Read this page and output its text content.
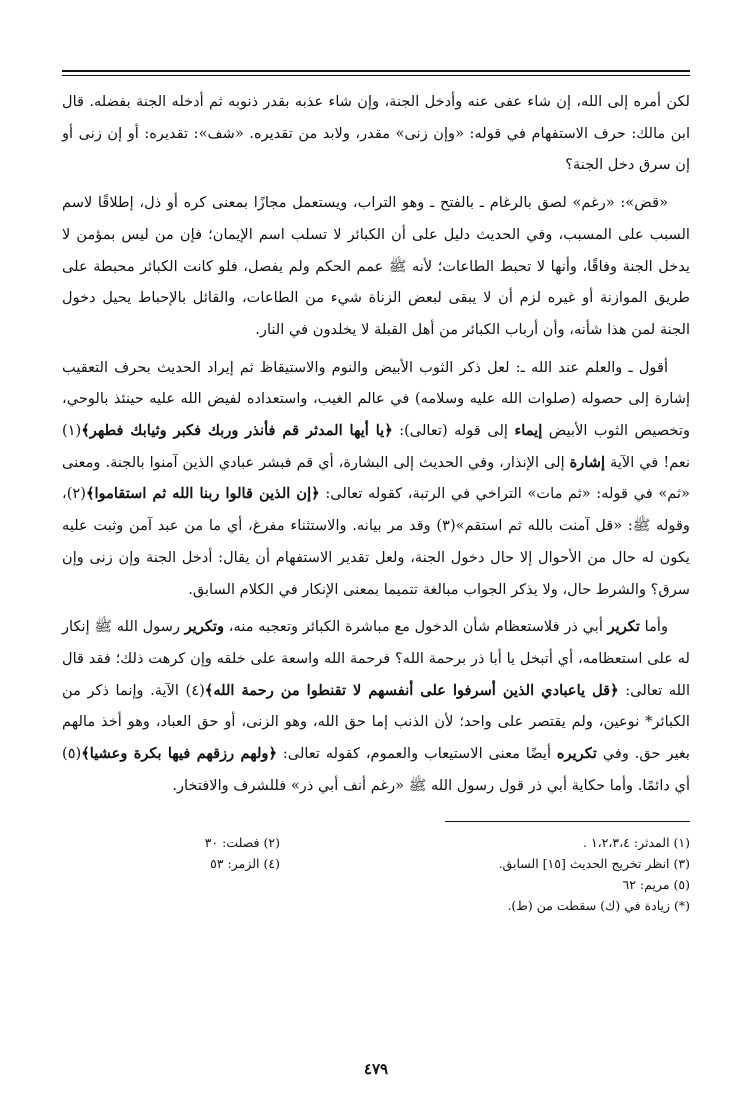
لكن أمره إلى الله، إن شاء عفى عنه وأدخل الجنة، وإن شاء عذبه بقدر ذنوبه ثم أدخله الجنة بفضله. قال ابن مالك: حرف الاستفهام في قوله: «وإن زنى» مقدر، ولابد من تقديره. «شف»: تقديره: أو إن زنى أو إن سرق دخل الجنة؟

«قض»: «رغم» لصق بالرغام ـ بالفتح ـ وهو التراب، ويستعمل مجازًا بمعنى كره أو ذل، إطلاقًا لاسم السبب على المسبب، وفي الحديث دليل على أن الكبائر لا تسلب اسم الإيمان؛ فإن من ليس بمؤمن لا يدخل الجنة وفاقًا، وأنها لا تحبط الطاعات؛ لأنه ﷺ عمم الحكم ولم يفصل، فلو كانت الكبائر محبطة على طريق الموازنة أو غيره لزم أن لا يبقى لبعض الزناة شيء من الطاعات، والقائل بالإحباط يحيل دخول الجنة لمن هذا شأنه، وأن أرباب الكبائر من أهل القبلة لا يخلدون في النار.

أقول ـ والعلم عند الله ـ: لعل ذكر الثوب الأبيض والنوم والاستيقاظ ثم إيراد الحديث بحرف التعقيب إشارة إلى حصوله (صلوات الله عليه وسلامه) في عالم الغيب، واستعداده لفيض الله عليه حينئذ بالوحي، وتخصيص الثوب الأبيض إيماء إلى قوله (تعالى): ﴿يا أيها المدثر قم فأنذر وربك فكبر وثيابك فطهر﴾(١) نعم! في الآية إشارة إلى الإنذار، وفي الحديث إلى البشارة، أي قم فبشر عبادي الذين آمنوا بالجنة. ومعنى «ثم» في قوله: «ثم مات» التراخي في الرتبة، كقوله تعالى: ﴿إن الذين قالوا ربنا الله ثم استقاموا﴾(٢)، وقوله ﷺ: «قل آمنت بالله ثم استقم»(٣) وقد مر بيانه. والاستثناء مفرغ، أي ما من عبد آمن وثبت عليه يكون له حال من الأحوال إلا حال دخول الجنة، ولعل تقدير الاستفهام أن يقال: أدخل الجنة وإن زنى وإن سرق؟ والشرط حال، ولا يذكر الجواب مبالغة تتميما بمعنى الإنكار في الكلام السابق.

وأما تكرير أبي ذر فلاستعظام شأن الدخول مع مباشرة الكبائر وتعجبه منه، وتكرير رسول الله ﷺ إنكار له على استعظامه، أي أتبخل يا أبا ذر برحمة الله؟ فرحمة الله واسعة على خلقه وإن كرهت ذلك؛ فقد قال الله تعالى: ﴿قل ياعبادي الذين أسرفوا على أنفسهم لا تقنطوا من رحمة الله﴾(٤) الآية. وإنما ذكر من الكبائر* نوعين، ولم يقتصر على واحد؛ لأن الذنب إما حق الله، وهو الزنى، أو حق العباد، وهو أخذ مالهم بغير حق. وفي تكريره أيضًا معنى الاستيعاب والعموم، كقوله تعالى: ﴿ولهم رزقهم فيها بكرة وعشيا﴾(٥) أي دائمًا. وأما حكاية أبي ذر قول رسول الله ﷺ «رغم أنف أبي ذر» فللشرف والافتخار.

(١) المدثر: ١،٢،٣،٤ .
(٣) انظر تخريج الحديث [١٥] السابق.
(٥) مريم: ٦٢
(*) زيادة في (ك) سقطت من (ط).
(٢) فصلت: ٣٠
(٤) الزمر: ٥٣
٤٧٩
